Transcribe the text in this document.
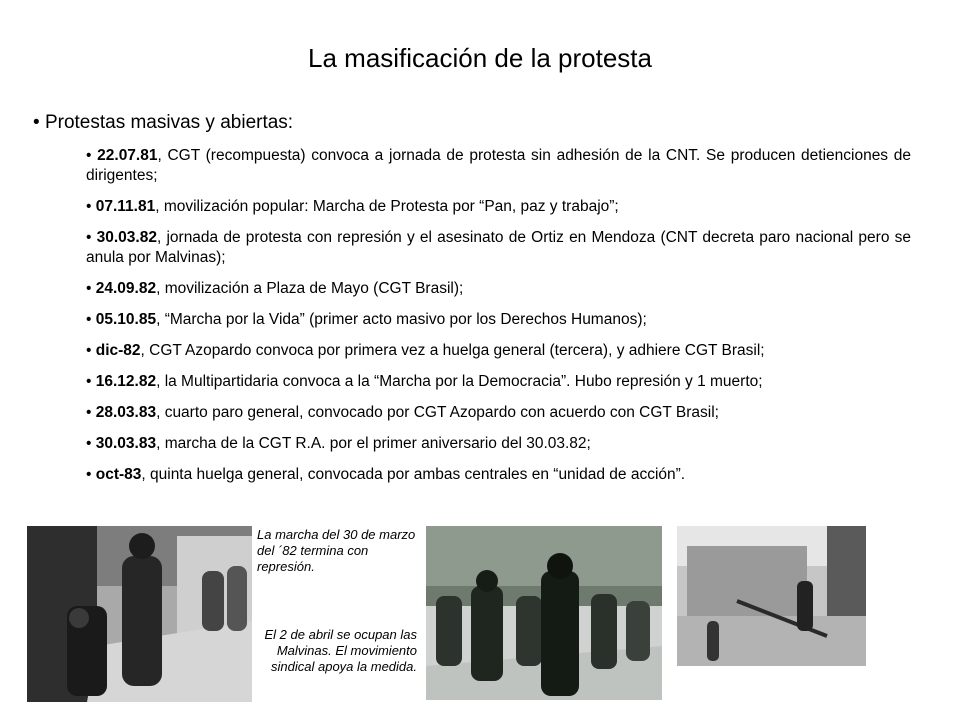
La masificación de la protesta
• Protestas masivas y abiertas:
• 22.07.81, CGT (recompuesta) convoca a jornada de protesta sin adhesión de la CNT. Se producen detienciones de dirigentes;
• 07.11.81, movilización popular: Marcha de Protesta por “Pan, paz y trabajo”;
• 30.03.82, jornada de protesta con represión y el asesinato de Ortiz en Mendoza (CNT decreta paro nacional pero se anula por Malvinas);
• 24.09.82, movilización a Plaza de Mayo (CGT Brasil);
• 05.10.85, “Marcha por la Vida” (primer acto masivo por los Derechos Humanos);
• dic-82, CGT Azopardo convoca por primera vez a huelga general (tercera), y adhiere CGT Brasil;
• 16.12.82, la Multipartidaria convoca a la “Marcha por la Democracia”. Hubo represión y 1 muerto;
• 28.03.83, cuarto paro general, convocado por CGT Azopardo con acuerdo con CGT Brasil;
• 30.03.83, marcha de la CGT R.A. por el primer aniversario del 30.03.82;
• oct-83, quinta huelga general, convocada por ambas centrales en “unidad de acción”.
La marcha del 30 de marzo del ´82 termina con represión.
El 2 de abril se ocupan las Malvinas. El movimiento sindical apoya la medida.
